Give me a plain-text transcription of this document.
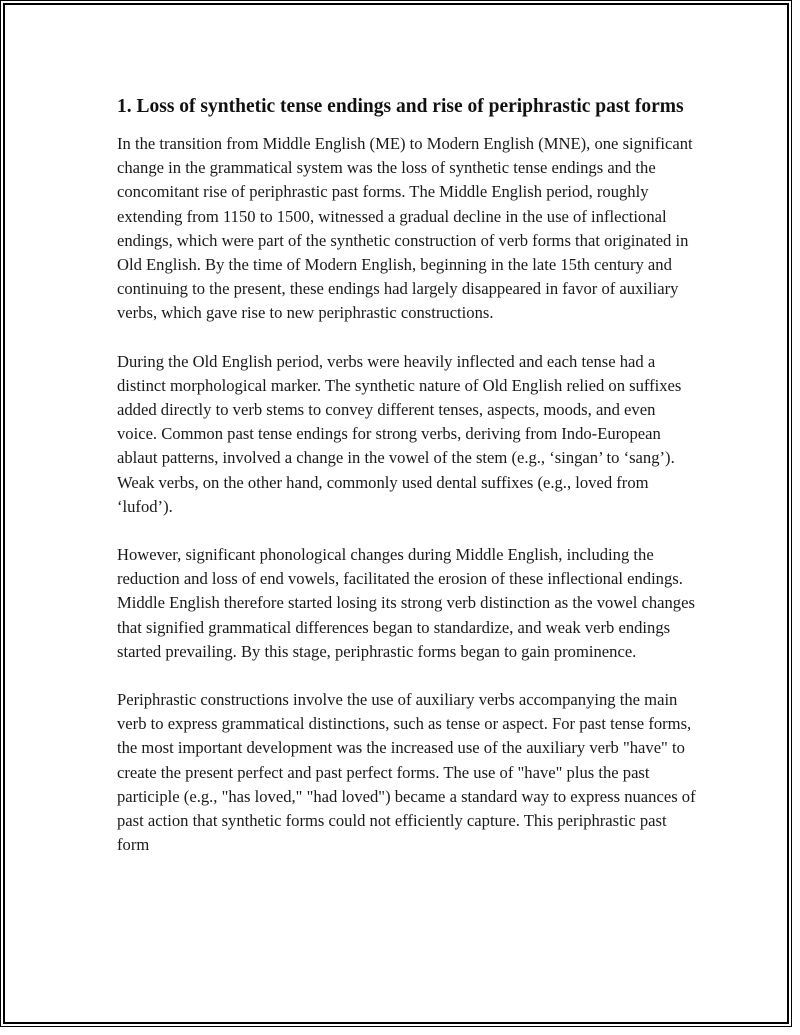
1. Loss of synthetic tense endings and rise of periphrastic past forms

In the transition from Middle English (ME) to Modern English (MNE), one significant change in the grammatical system was the loss of synthetic tense endings and the concomitant rise of periphrastic past forms. The Middle English period, roughly extending from 1150 to 1500, witnessed a gradual decline in the use of inflectional endings, which were part of the synthetic construction of verb forms that originated in Old English. By the time of Modern English, beginning in the late 15th century and continuing to the present, these endings had largely disappeared in favor of auxiliary verbs, which gave rise to new periphrastic constructions.

During the Old English period, verbs were heavily inflected and each tense had a distinct morphological marker. The synthetic nature of Old English relied on suffixes added directly to verb stems to convey different tenses, aspects, moods, and even voice. Common past tense endings for strong verbs, deriving from Indo-European ablaut patterns, involved a change in the vowel of the stem (e.g., ‘singan’ to ‘sang’). Weak verbs, on the other hand, commonly used dental suffixes (e.g., loved from ‘lufod’).

However, significant phonological changes during Middle English, including the reduction and loss of end vowels, facilitated the erosion of these inflectional endings. Middle English therefore started losing its strong verb distinction as the vowel changes that signified grammatical differences began to standardize, and weak verb endings started prevailing. By this stage, periphrastic forms began to gain prominence.

Periphrastic constructions involve the use of auxiliary verbs accompanying the main verb to express grammatical distinctions, such as tense or aspect. For past tense forms, the most important development was the increased use of the auxiliary verb "have" to create the present perfect and past perfect forms. The use of "have" plus the past participle (e.g., "has loved," "had loved") became a standard way to express nuances of past action that synthetic forms could not efficiently capture. This periphrastic past form
